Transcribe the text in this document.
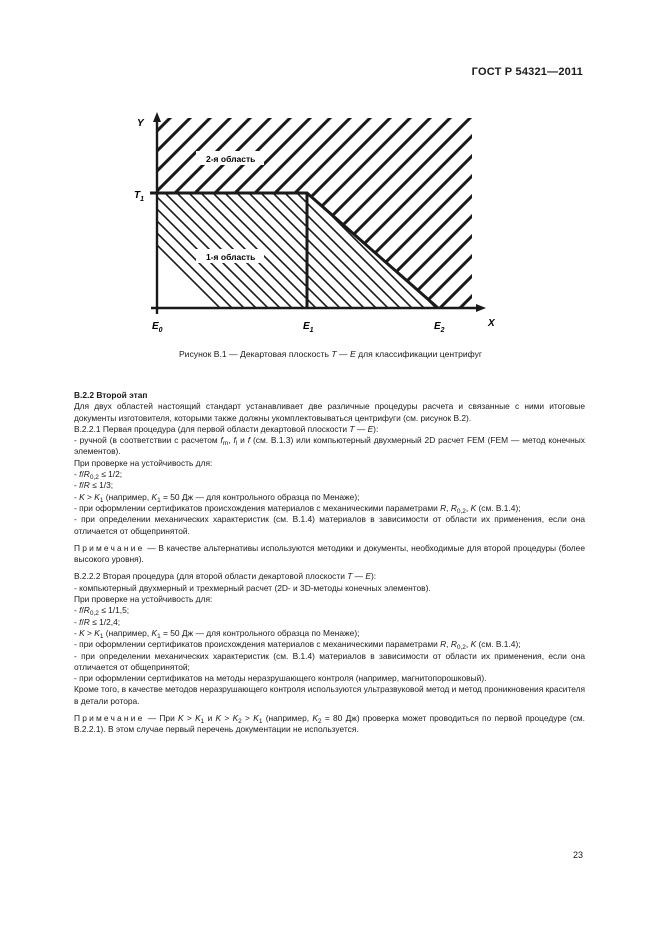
ГОСТ Р 54321—2011
Y
X
$T_1$
$E_0$	$E_1$	$E_2$
2-я область
1-я область
Рисунок В.1 — Декартовая плоскость T — E для классификации центрифуг

В.2.2 Второй этап

Для двух областей настоящий стандарт устанавливает две различные процедуры расчета и связанные с ними итоговые документы изготовителя, которыми также должны укомплектовываться центрифуги (см. рисунок В.2).

В.2.2.1 Первая процедура (для первой области декартовой плоскости T — E):

- ручной (в соответствии с расчетом $f_m$, $f_l$ и f (см. В.1.3) или компьютерный двухмерный 2D расчет FEM (FEM — метод конечных элементов).

При проверке на устойчивость для:

- $f/R_{0,2} \le 1/2$;

- f/R ≤ 1/3;

- $K > K_1$ (например, $K_1 = 50$ Дж — для контрольного образца по Менаже);

- при оформлении сертификатов происхождения материалов с механическими параметрами R, $R_{0,2}$, K (см. В.1.4);

- при определении механических характеристик (см. В.1.4) материалов в зависимости от области их применения, если она отличается от общепринятой.

Примечание — В качестве альтернативы используются методики и документы, необходимые для второй процедуры (более высокого уровня).

В.2.2.2 Вторая процедура (для второй области декартовой плоскости T — E):

- компьютерный двухмерный и трехмерный расчет (2D- и 3D-методы конечных элементов).

При проверке на устойчивость для:

- $f/R_{0,2} \le 1/1,5$;

- f/R ≤ 1/2,4;

- $K > K_1$ (например, $K_1 = 50$ Дж — для контрольного образца по Менаже);

- при оформлении сертификатов происхождения материалов с механическими параметрами R, $R_{0,2}$, K (см. В.1.4);

- при определении механических характеристик (см. В.1.4) материалов в зависимости от области их применения, если она отличается от общепринятой;

- при оформлении сертификатов на методы неразрушающего контроля (например, магнитопорошковый).

Кроме того, в качестве методов неразрушающего контроля используются ультразвуковой метод и метод проникновения красителя в детали ротора.

Примечание — При $K > K_1$ и $K > K_2 > K_1$ (например, $K_2 = 80$ Дж) проверка может проводиться по первой процедуре (см. В.2.2.1). В этом случае первый перечень документации не используется.

23
